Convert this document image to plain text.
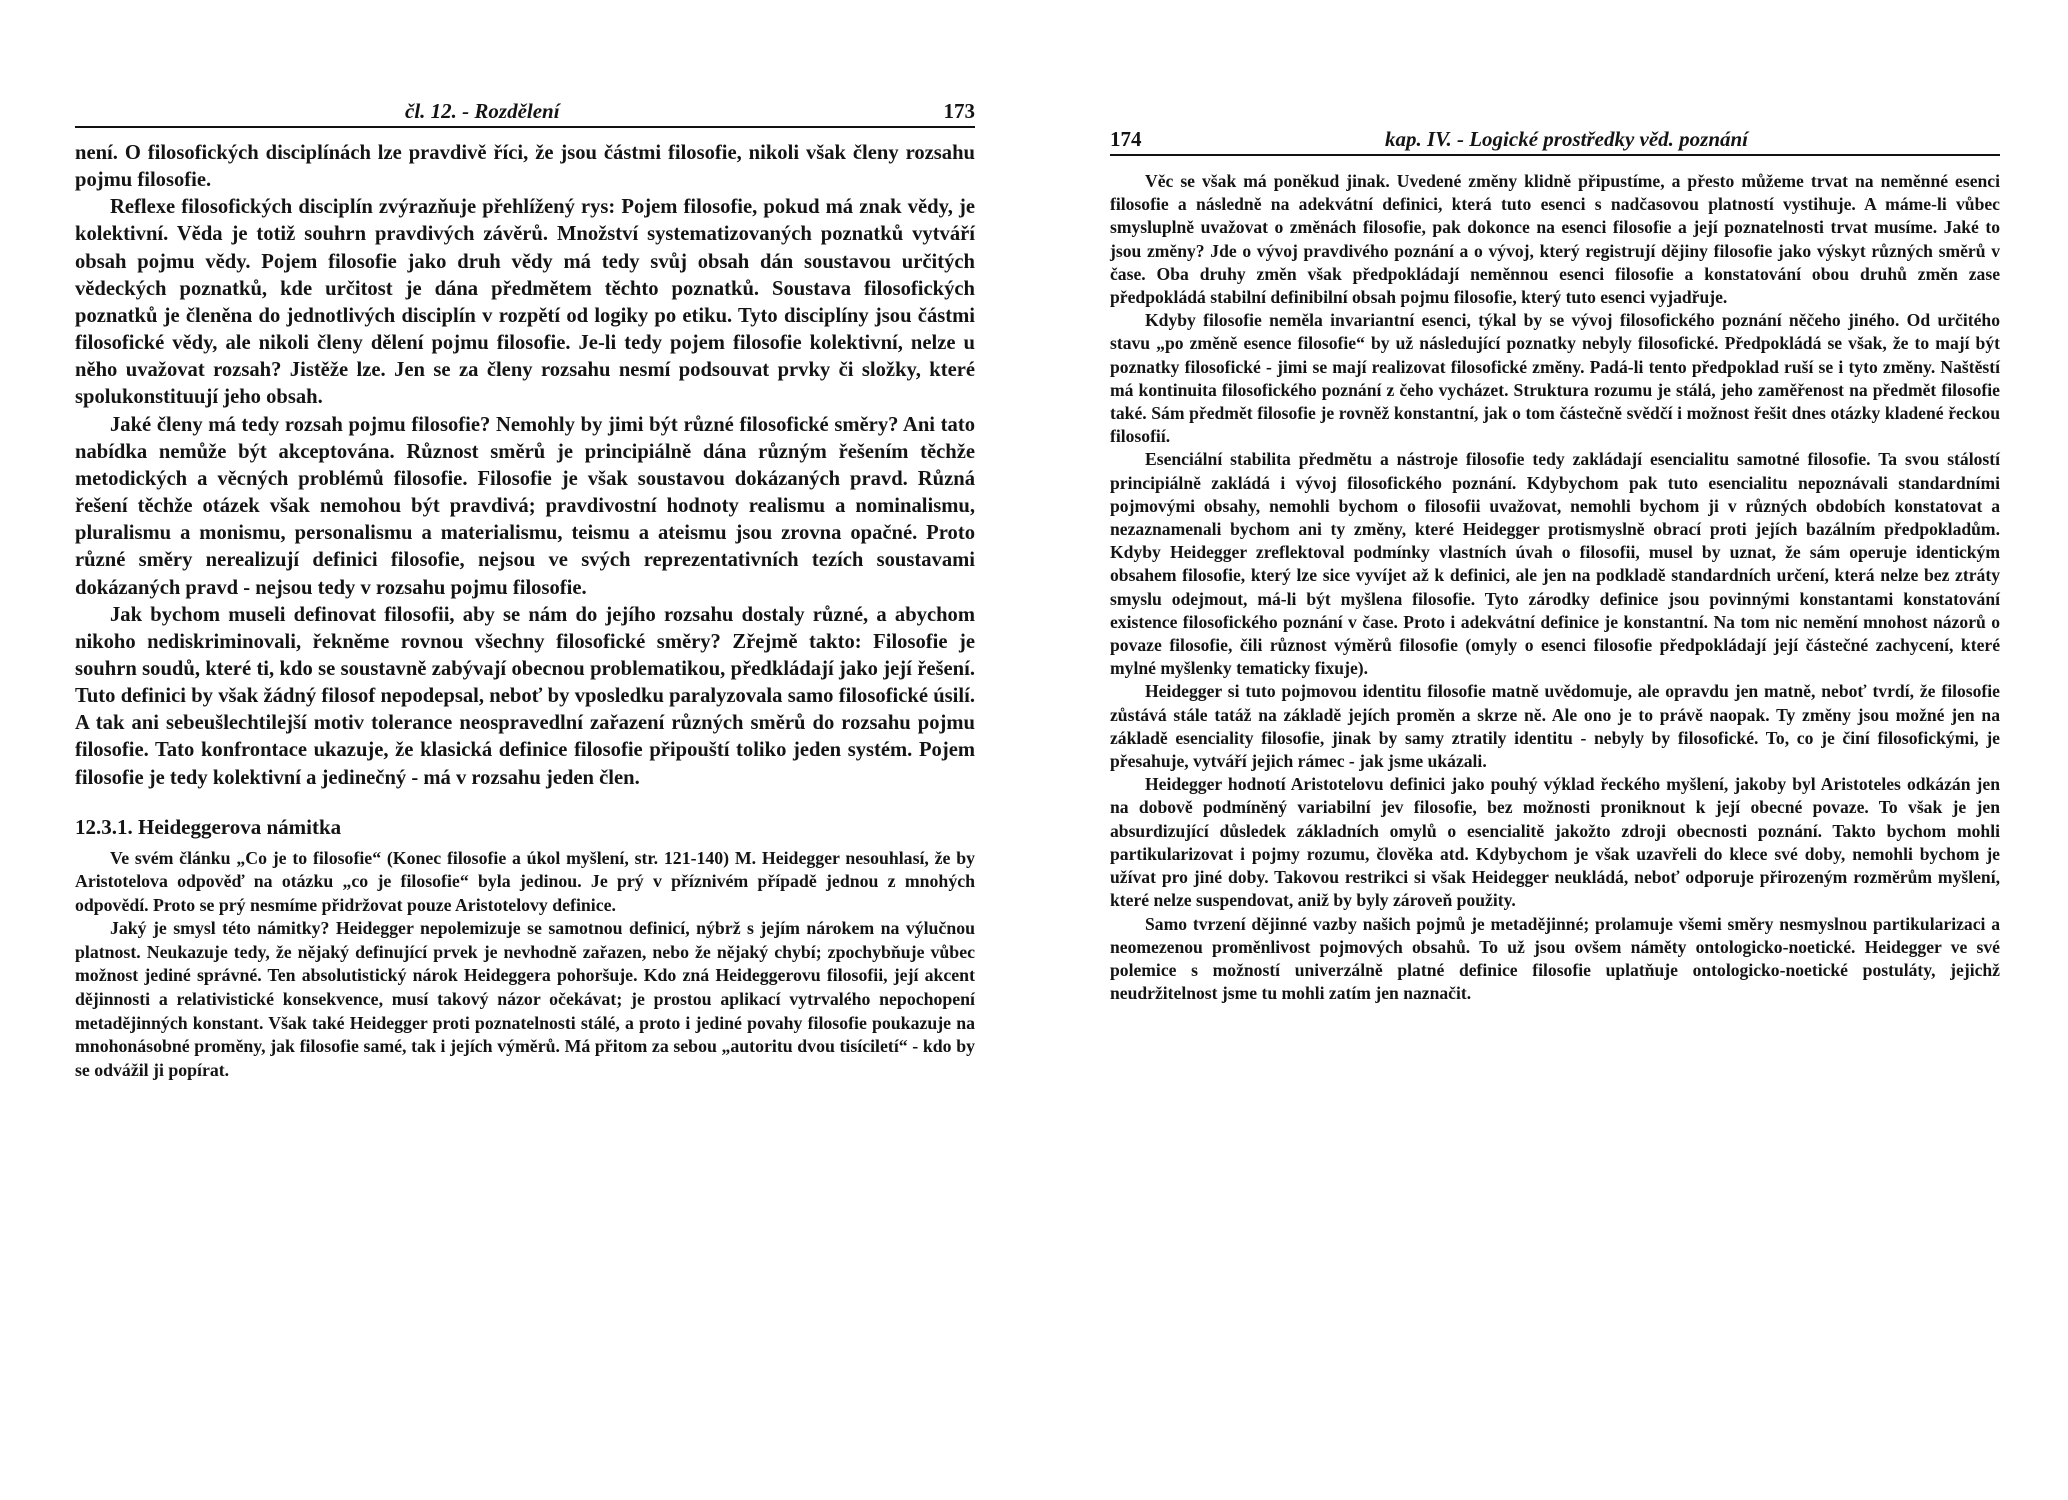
čl. 12. - Rozdělení	173

není. O filosofických disciplínách lze pravdivě říci, že jsou částmi filosofie, nikoli však členy rozsahu pojmu filosofie.

Reflexe filosofických disciplín zvýrazňuje přehlížený rys: Pojem filosofie, pokud má znak vědy, je kolektivní. Věda je totiž souhrn pravdivých závěrů. Množství systematizovaných poznatků vytváří obsah pojmu vědy. Pojem filosofie jako druh vědy má tedy svůj obsah dán soustavou určitých vědeckých poznatků, kde určitost je dána předmětem těchto poznatků. Soustava filosofických poznatků je členěna do jednotlivých disciplín v rozpětí od logiky po etiku. Tyto disciplíny jsou částmi filosofické vědy, ale nikoli členy dělení pojmu filosofie. Je-li tedy pojem filosofie kolektivní, nelze u něho uvažovat rozsah? Jistěže lze. Jen se za členy rozsahu nesmí podsouvat prvky či složky, které spolukonstituují jeho obsah.

Jaké členy má tedy rozsah pojmu filosofie? Nemohly by jimi být různé filosofické směry? Ani tato nabídka nemůže být akceptována. Různost směrů je principiálně dána různým řešením těchže metodických a věcných problémů filosofie. Filosofie je však soustavou dokázaných pravd. Různá řešení těchže otázek však nemohou být pravdivá; pravdivostní hodnoty realismu a nominalismu, pluralismu a monismu, personalismu a materialismu, teismu a ateismu jsou zrovna opačné. Proto různé směry nerealizují definici filosofie, nejsou ve svých reprezentativních tezích soustavami dokázaných pravd - nejsou tedy v rozsahu pojmu filosofie.

Jak bychom museli definovat filosofii, aby se nám do jejího rozsahu dostaly různé, a abychom nikoho nediskriminovali, řekněme rovnou všechny filosofické směry? Zřejmě takto: Filosofie je souhrn soudů, které ti, kdo se soustavně zabývají obecnou problematikou, předkládají jako její řešení. Tuto definici by však žádný filosof nepodepsal, neboť by vposledku paralyzovala samo filosofické úsilí. A tak ani sebeušlechtilejší motiv tolerance neospravedlní zařazení různých směrů do rozsahu pojmu filosofie. Tato konfrontace ukazuje, že klasická definice filosofie připouští toliko jeden systém. Pojem filosofie je tedy kolektivní a jedinečný - má v rozsahu jeden člen.

12.3.1. Heideggerova námitka

Ve svém článku „Co je to filosofie“ (Konec filosofie a úkol myšlení, str. 121-140) M. Heidegger nesouhlasí, že by Aristotelova odpověď na otázku „co je filosofie“ byla jedinou. Je prý v příznivém případě jednou z mnohých odpovědí. Proto se prý nesmíme přidržovat pouze Aristotelovy definice.

Jaký je smysl této námitky? Heidegger nepolemizuje se samotnou definicí, nýbrž s jejím nárokem na výlučnou platnost. Neukazuje tedy, že nějaký definující prvek je nevhodně zařazen, nebo že nějaký chybí; zpochybňuje vůbec možnost jediné správné. Ten absolutistický nárok Heideggera pohoršuje. Kdo zná Heideggerovu filosofii, její akcent dějinnosti a relativistické konsekvence, musí takový názor očekávat; je prostou aplikací vytrvalého nepochopení metadějinných konstant. Však také Heidegger proti poznatelnosti stálé, a proto i jediné povahy filosofie poukazuje na mnohonásobné proměny, jak filosofie samé, tak i jejích výměrů. Má přitom za sebou „autoritu dvou tisíciletí“ - kdo by se odvážil ji popírat.

174	kap. IV. - Logické prostředky věd. poznání

Věc se však má poněkud jinak. Uvedené změny klidně připustíme, a přesto můžeme trvat na neměnné esenci filosofie a následně na adekvátní definici, která tuto esenci s nadčasovou platností vystihuje. A máme-li vůbec smysluplně uvažovat o změnách filosofie, pak dokonce na esenci filosofie a její poznatelnosti trvat musíme. Jaké to jsou změny? Jde o vývoj pravdivého poznání a o vývoj, který registrují dějiny filosofie jako výskyt různých směrů v čase. Oba druhy změn však předpokládají neměnnou esenci filosofie a konstatování obou druhů změn zase předpokládá stabilní definibilní obsah pojmu filosofie, který tuto esenci vyjadřuje.

Kdyby filosofie neměla invariantní esenci, týkal by se vývoj filosofického poznání něčeho jiného. Od určitého stavu „po změně esence filosofie“ by už následující poznatky nebyly filosofické. Předpokládá se však, že to mají být poznatky filosofické - jimi se mají realizovat filosofické změny. Padá-li tento předpoklad ruší se i tyto změny. Naštěstí má kontinuita filosofického poznání z čeho vycházet. Struktura rozumu je stálá, jeho zaměřenost na předmět filosofie také. Sám předmět filosofie je rovněž konstantní, jak o tom částečně svědčí i možnost řešit dnes otázky kladené řeckou filosofií.

Esenciální stabilita předmětu a nástroje filosofie tedy zakládají esencialitu samotné filosofie. Ta svou stálostí principiálně zakládá i vývoj filosofického poznání. Kdybychom pak tuto esencialitu nepoznávali standardními pojmovými obsahy, nemohli bychom o filosofii uvažovat, nemohli bychom ji v různých obdobích konstatovat a nezaznamenali bychom ani ty změny, které Heidegger protismyslně obrací proti jejích bazálním předpokladům. Kdyby Heidegger zreflektoval podmínky vlastních úvah o filosofii, musel by uznat, že sám operuje identickým obsahem filosofie, který lze sice vyvíjet až k definici, ale jen na podkladě standardních určení, která nelze bez ztráty smyslu odejmout, má-li být myšlena filosofie. Tyto zárodky definice jsou povinnými konstantami konstatování existence filosofického poznání v čase. Proto i adekvátní definice je konstantní. Na tom nic nemění mnohost názorů o povaze filosofie, čili různost výměrů filosofie (omyly o esenci filosofie předpokládají její částečné zachycení, které mylné myšlenky tematicky fixuje).

Heidegger si tuto pojmovou identitu filosofie matně uvědomuje, ale opravdu jen matně, neboť tvrdí, že filosofie zůstává stále tatáž na základě jejích proměn a skrze ně. Ale ono je to právě naopak. Ty změny jsou možné jen na základě esenciality filosofie, jinak by samy ztratily identitu - nebyly by filosofické. To, co je činí filosofickými, je přesahuje, vytváří jejich rámec - jak jsme ukázali.

Heidegger hodnotí Aristotelovu definici jako pouhý výklad řeckého myšlení, jakoby byl Aristoteles odkázán jen na dobově podmíněný variabilní jev filosofie, bez možnosti proniknout k její obecné povaze. To však je jen absurdizující důsledek základních omylů o esencialitě jakožto zdroji obecnosti poznání. Takto bychom mohli partikularizovat i pojmy rozumu, člověka atd. Kdybychom je však uzavřeli do klece své doby, nemohli bychom je užívat pro jiné doby. Takovou restrikci si však Heidegger neukládá, neboť odporuje přirozeným rozměrům myšlení, které nelze suspendovat, aniž by byly zároveň použity.

Samo tvrzení dějinné vazby našich pojmů je metadějinné; prolamuje všemi směry nesmyslnou partikularizaci a neomezenou proměnlivost pojmových obsahů. To už jsou ovšem náměty ontologicko-noetické. Heidegger ve své polemice s možností univerzálně platné definice filosofie uplatňuje ontologicko-noetické postuláty, jejichž neudržitelnost jsme tu mohli zatím jen naznačit.
